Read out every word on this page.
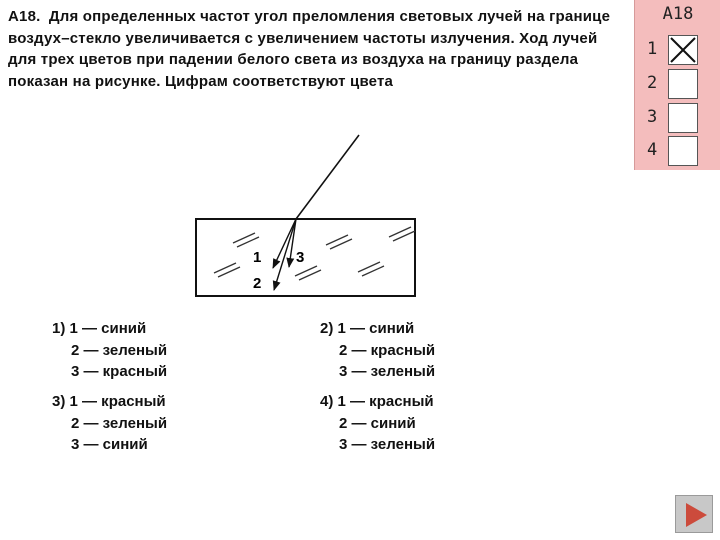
А18. Для определенных частот угол преломления световых лучей на границе воздух–стекло увеличивается с увеличением частоты излучения. Ход лучей для трех цветов при падении белого света из воздуха на границу раздела показан на рисунке. Цифрам соответствуют цвета
1
2
3
1) 1 — синий
2 — зеленый
3 — красный
2) 1 — синий
2 — красный
3 — зеленый
3) 1 — красный
2 — зеленый
3 — синий
4) 1 — красный
2 — синий
3 — зеленый
A18
1
2
3
4
